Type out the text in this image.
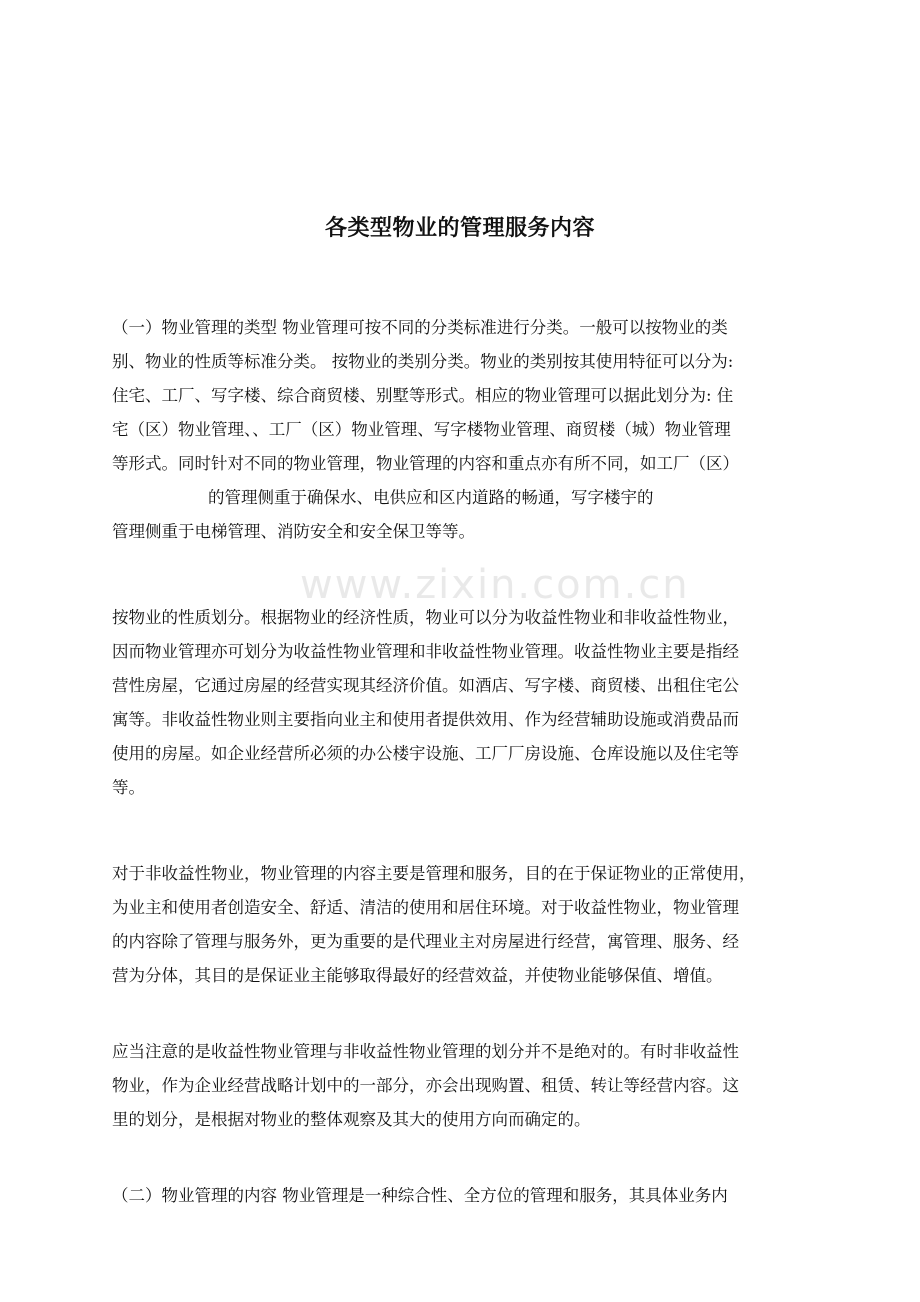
www.zixin.com.cn
各类型物业的管理服务内容
（一）物业管理的类型 物业管理可按不同的分类标准进行分类。一般可以按物业的类
别、物业的性质等标准分类。 按物业的类别分类。物业的类别按其使用特征可以分为:
住宅、工厂、写字楼、综合商贸楼、别墅等形式。相应的物业管理可以据此划分为: 住
宅（区）物业管理、、工厂（区）物业管理、写字楼物业管理、商贸楼（城）物业管理
等形式。同时针对不同的物业管理，物业管理的内容和重点亦有所不同，如工厂（区）
的管理侧重于确保水、电供应和区内道路的畅通，写字楼宇的
管理侧重于电梯管理、消防安全和安全保卫等等。
按物业的性质划分。根据物业的经济性质，物业可以分为收益性物业和非收益性物业，
因而物业管理亦可划分为收益性物业管理和非收益性物业管理。收益性物业主要是指经
营性房屋，它通过房屋的经营实现其经济价值。如酒店、写字楼、商贸楼、出租住宅公
寓等。非收益性物业则主要指向业主和使用者提供效用、作为经营辅助设施或消费品而
使用的房屋。如企业经营所必须的办公楼宇设施、工厂厂房设施、仓库设施以及住宅等
等。
对于非收益性物业，物业管理的内容主要是管理和服务，目的在于保证物业的正常使用，
为业主和使用者创造安全、舒适、清洁的使用和居住环境。对于收益性物业，物业管理
的内容除了管理与服务外，更为重要的是代理业主对房屋进行经营，寓管理、服务、经
营为分体，其目的是保证业主能够取得最好的经营效益，并使物业能够保值、增值。
应当注意的是收益性物业管理与非收益性物业管理的划分并不是绝对的。有时非收益性
物业，作为企业经营战略计划中的一部分，亦会出现购置、租赁、转让等经营内容。这
里的划分，是根据对物业的整体观察及其大的使用方向而确定的。
（二）物业管理的内容 物业管理是一种综合性、全方位的管理和服务，其具体业务内
